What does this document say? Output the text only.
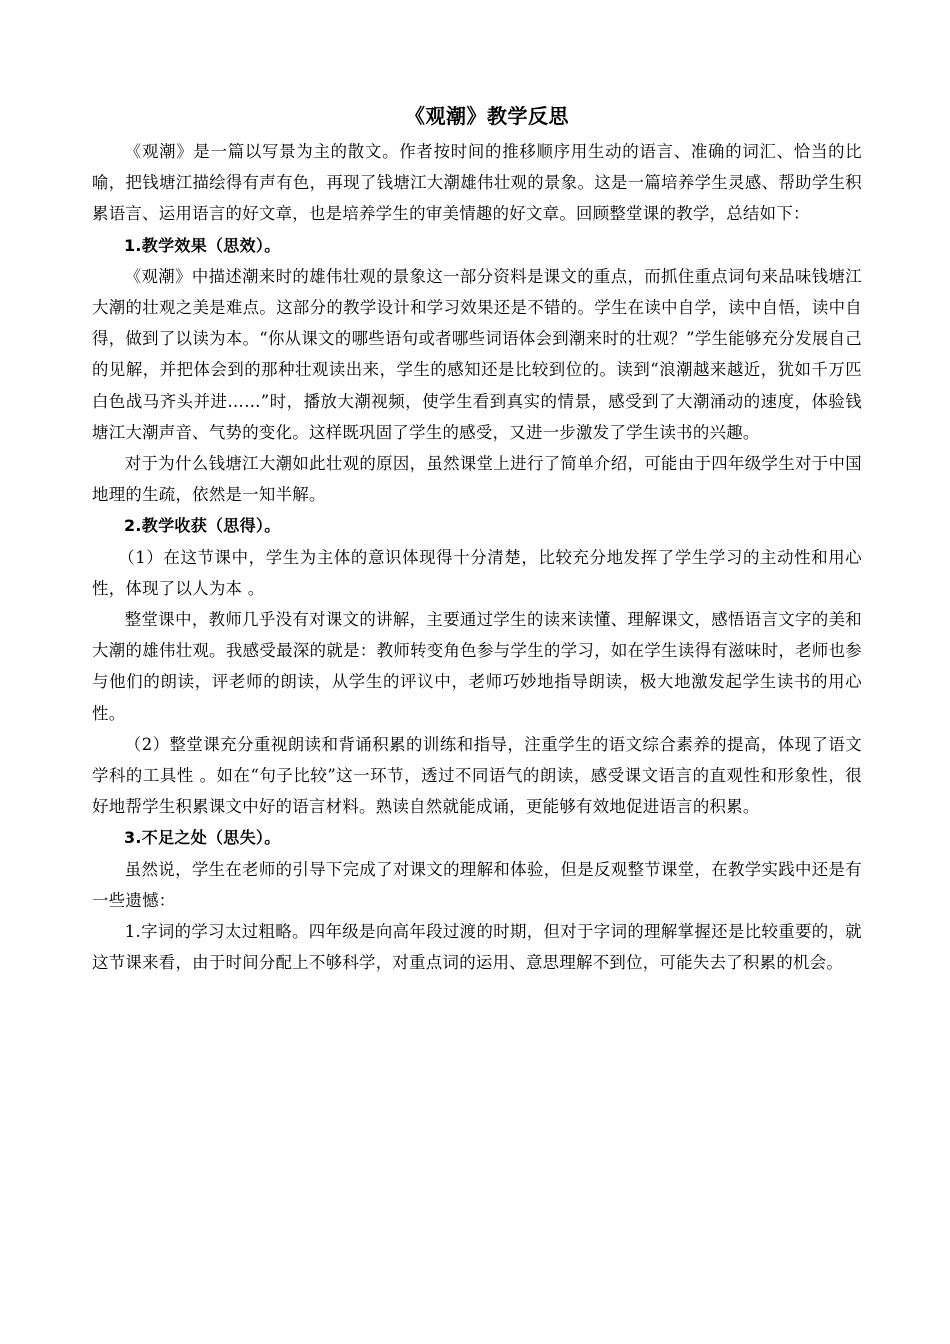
《观潮》教学反思

《观潮》是一篇以写景为主的散文。作者按时间的推移顺序用生动的语言、准确的词汇、恰当的比喻，把钱塘江描绘得有声有色，再现了钱塘江大潮雄伟壮观的景象。这是一篇培养学生灵感、帮助学生积累语言、运用语言的好文章，也是培养学生的审美情趣的好文章。回顾整堂课的教学，总结如下：

1.教学效果（思效）。

《观潮》中描述潮来时的雄伟壮观的景象这一部分资料是课文的重点，而抓住重点词句来品味钱塘江大潮的壮观之美是难点。这部分的教学设计和学习效果还是不错的。学生在读中自学，读中自悟，读中自得，做到了以读为本。“你从课文的哪些语句或者哪些词语体会到潮来时的壮观？”学生能够充分发展自己的见解，并把体会到的那种壮观读出来，学生的感知还是比较到位的。读到“浪潮越来越近，犹如千万匹白色战马齐头并进……”时，播放大潮视频，使学生看到真实的情景，感受到了大潮涌动的速度，体验钱塘江大潮声音、气势的变化。这样既巩固了学生的感受，又进一步激发了学生读书的兴趣。

对于为什么钱塘江大潮如此壮观的原因，虽然课堂上进行了简单介绍，可能由于四年级学生对于中国地理的生疏，依然是一知半解。

2.教学收获（思得）。

（1）在这节课中，学生为主体的意识体现得十分清楚，比较充分地发挥了学生学习的主动性和用心性，体现了以人为本 。

整堂课中，教师几乎没有对课文的讲解，主要通过学生的读来读懂、理解课文，感悟语言文字的美和大潮的雄伟壮观。我感受最深的就是：教师转变角色参与学生的学习，如在学生读得有滋味时，老师也参与他们的朗读，评老师的朗读，从学生的评议中，老师巧妙地指导朗读，极大地激发起学生读书的用心性。

（2）整堂课充分重视朗读和背诵积累的训练和指导，注重学生的语文综合素养的提高，体现了语文学科的工具性 。如在“句子比较”这一环节，透过不同语气的朗读，感受课文语言的直观性和形象性，很好地帮学生积累课文中好的语言材料。熟读自然就能成诵，更能够有效地促进语言的积累。

3.不足之处（思失）。

虽然说，学生在老师的引导下完成了对课文的理解和体验，但是反观整节课堂，在教学实践中还是有一些遗憾：

1.字词的学习太过粗略。四年级是向高年段过渡的时期，但对于字词的理解掌握还是比较重要的，就这节课来看，由于时间分配上不够科学，对重点词的运用、意思理解不到位，可能失去了积累的机会。
